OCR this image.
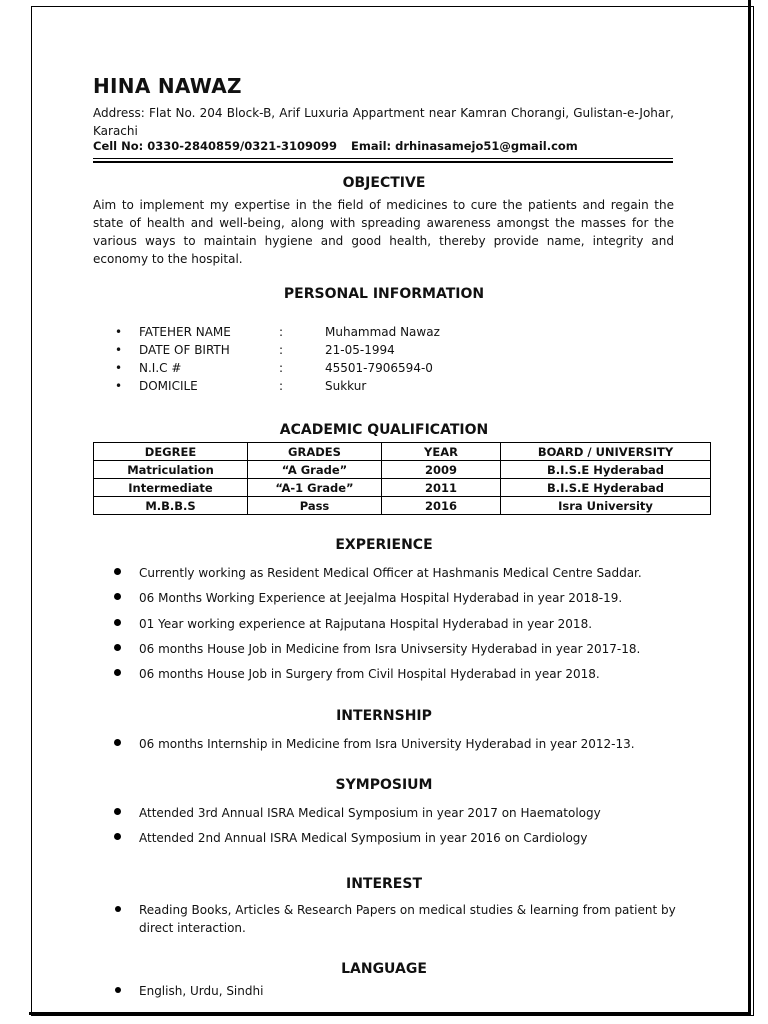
HINA NAWAZ
Address: Flat No. 204 Block-B, Arif Luxuria Appartment near Kamran Chorangi, Gulistan-e-Johar, Karachi
Cell No: 0330-2840859/0321-3109099 Email: drhinasamejo51@gmail.com
OBJECTIVE
Aim to implement my expertise in the field of medicines to cure the patients and regain the state of health and well-being, along with spreading awareness amongst the masses for the various ways to maintain hygiene and good health, thereby provide name, integrity and economy to the hospital.
PERSONAL INFORMATION
• FATEHER NAME	:	Muhammad Nawaz
• DATE OF BIRTH	:	21-05-1994
• N.I.C #	:	45501-7906594-0
• DOMICILE	:	Sukkur
ACADEMIC QUALIFICATION
DEGREE	GRADES	YEAR	BOARD / UNIVERSITY
Matriculation	“A Grade”	2009	B.I.S.E Hyderabad
Intermediate	“A-1 Grade”	2011	B.I.S.E Hyderabad
M.B.B.S	Pass	2016	Isra University
EXPERIENCE
Currently working as Resident Medical Officer at Hashmanis Medical Centre Saddar.
06 Months Working Experience at Jeejalma Hospital Hyderabad in year 2018-19.
01 Year working experience at Rajputana Hospital Hyderabad in year 2018.
06 months House Job in Medicine from Isra Univsersity Hyderabad in year 2017-18.
06 months House Job in Surgery from Civil Hospital Hyderabad in year 2018.
INTERNSHIP
06 months Internship in Medicine from Isra University Hyderabad in year 2012-13.
SYMPOSIUM
Attended 3rd Annual ISRA Medical Symposium in year 2017 on Haematology
Attended 2nd Annual ISRA Medical Symposium in year 2016 on Cardiology
INTEREST
Reading Books, Articles & Research Papers on medical studies & learning from patient by direct interaction.
LANGUAGE
English, Urdu, Sindhi
